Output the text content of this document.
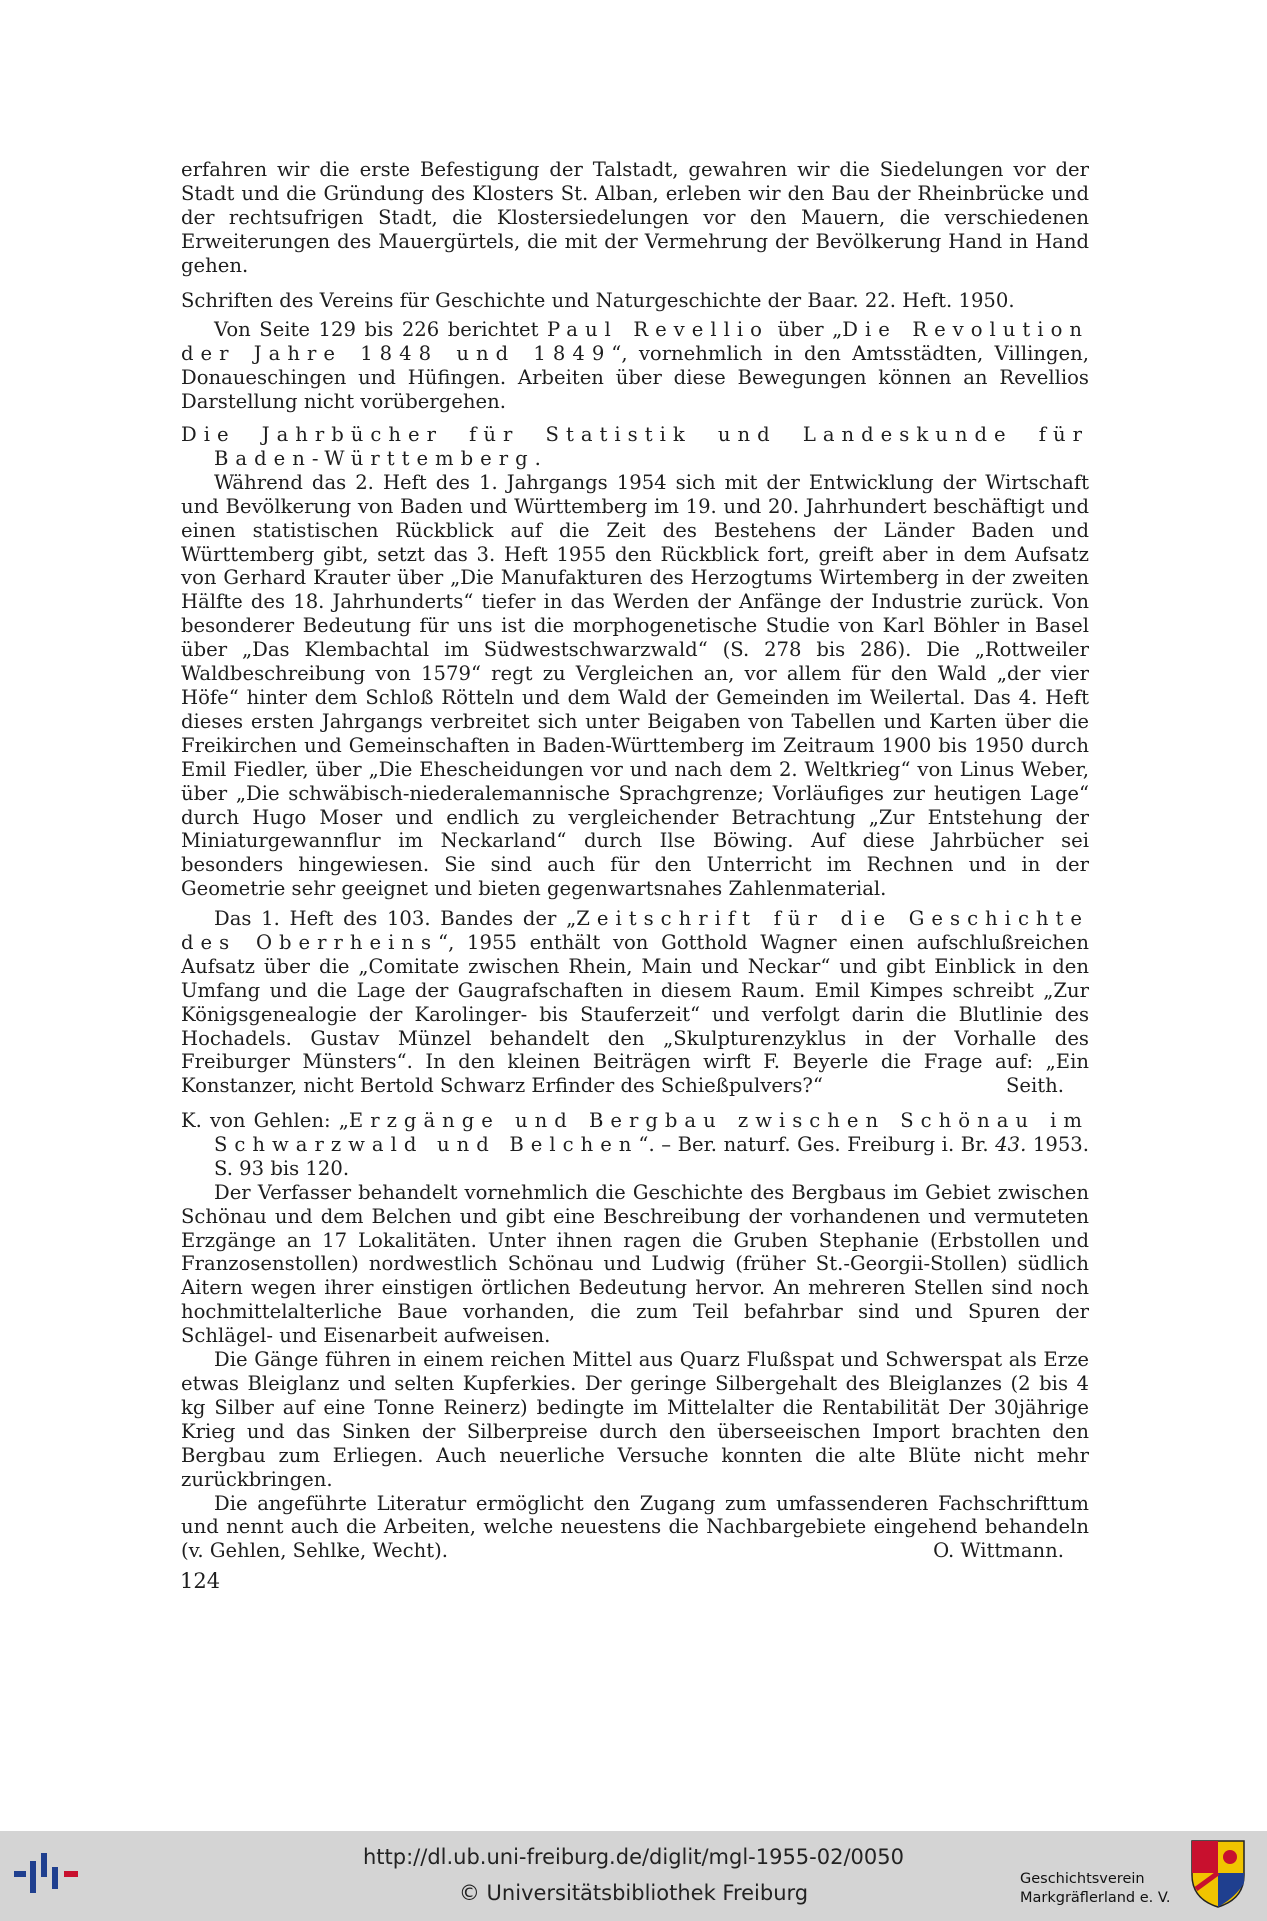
erfahren wir die erste Befestigung der Talstadt, gewahren wir die Siedelungen vor der Stadt und die Gründung des Klosters St. Alban, erleben wir den Bau der Rheinbrücke und der rechtsufrigen Stadt, die Klostersiedelungen vor den Mauern, die verschiedenen Erweiterungen des Mauergürtels, die mit der Vermehrung der Bevölkerung Hand in Hand gehen.

Schriften des Vereins für Geschichte und Naturgeschichte der Baar. 22. Heft. 1950.

Von Seite 129 bis 226 berichtet Paul Revellio über „Die Revolution der Jahre 1848 und 1849“, vornehmlich in den Amtsstädten, Villingen, Donaueschingen und Hüfingen. Arbeiten über diese Bewegungen können an Revellios Darstellung nicht vorübergehen.

Die Jahrbücher für Statistik und Landeskunde für Baden-Württemberg.

Während das 2. Heft des 1. Jahrgangs 1954 sich mit der Entwicklung der Wirtschaft und Bevölkerung von Baden und Württemberg im 19. und 20. Jahrhundert beschäftigt und einen statistischen Rückblick auf die Zeit des Bestehens der Länder Baden und Württemberg gibt, setzt das 3. Heft 1955 den Rückblick fort, greift aber in dem Aufsatz von Gerhard Krauter über „Die Manufakturen des Herzogtums Wirtemberg in der zweiten Hälfte des 18. Jahrhunderts“ tiefer in das Werden der Anfänge der Industrie zurück. Von besonderer Bedeutung für uns ist die morphogenetische Studie von Karl Böhler in Basel über „Das Klembachtal im Südwestschwarzwald“ (S. 278 bis 286). Die „Rottweiler Waldbeschreibung von 1579“ regt zu Vergleichen an, vor allem für den Wald „der vier Höfe“ hinter dem Schloß Rötteln und dem Wald der Gemeinden im Weilertal. Das 4. Heft dieses ersten Jahrgangs verbreitet sich unter Beigaben von Tabellen und Karten über die Freikirchen und Gemeinschaften in Baden-Württemberg im Zeitraum 1900 bis 1950 durch Emil Fiedler, über „Die Ehescheidungen vor und nach dem 2. Weltkrieg“ von Linus Weber, über „Die schwäbisch-niederalemannische Sprachgrenze; Vorläufiges zur heutigen Lage“ durch Hugo Moser und endlich zu vergleichender Betrachtung „Zur Entstehung der Miniaturgewannflur im Neckarland“ durch Ilse Böwing. Auf diese Jahrbücher sei besonders hingewiesen. Sie sind auch für den Unterricht im Rechnen und in der Geometrie sehr geeignet und bieten gegenwartsnahes Zahlenmaterial.

Das 1. Heft des 103. Bandes der „Zeitschrift für die Geschichte des Oberrheins“, 1955 enthält von Gotthold Wagner einen aufschlußreichen Aufsatz über die „Comitate zwischen Rhein, Main und Neckar“ und gibt Einblick in den Umfang und die Lage der Gaugrafschaften in diesem Raum. Emil Kimpes schreibt „Zur Königsgenealogie der Karolinger- bis Stauferzeit“ und verfolgt darin die Blutlinie des Hochadels. Gustav Münzel behandelt den „Skulpturenzyklus in der Vorhalle des Freiburger Münsters“. In den kleinen Beiträgen wirft F. Beyerle die Frage auf: „Ein Konstanzer, nicht Bertold Schwarz Erfinder des Schießpulvers?“	Seith.

K. von Gehlen: „Erzgänge und Bergbau zwischen Schönau im Schwarzwald und Belchen“. – Ber. naturf. Ges. Freiburg i. Br. 43. 1953. S. 93 bis 120.

Der Verfasser behandelt vornehmlich die Geschichte des Bergbaus im Gebiet zwischen Schönau und dem Belchen und gibt eine Beschreibung der vorhandenen und vermuteten Erzgänge an 17 Lokalitäten. Unter ihnen ragen die Gruben Stephanie (Erbstollen und Franzosenstollen) nordwestlich Schönau und Ludwig (früher St.-Georgii-Stollen) südlich Aitern wegen ihrer einstigen örtlichen Bedeutung hervor. An mehreren Stellen sind noch hochmittelalterliche Baue vorhanden, die zum Teil befahrbar sind und Spuren der Schlägel- und Eisenarbeit aufweisen.

Die Gänge führen in einem reichen Mittel aus Quarz Flußspat und Schwerspat als Erze etwas Bleiglanz und selten Kupferkies. Der geringe Silbergehalt des Bleiglanzes (2 bis 4 kg Silber auf eine Tonne Reinerz) bedingte im Mittelalter die Rentabilität Der 30jährige Krieg und das Sinken der Silberpreise durch den überseeischen Import brachten den Bergbau zum Erliegen. Auch neuerliche Versuche konnten die alte Blüte nicht mehr zurückbringen.

Die angeführte Literatur ermöglicht den Zugang zum umfassenderen Fachschrifttum und nennt auch die Arbeiten, welche neuestens die Nachbargebiete eingehend behandeln (v. Gehlen, Sehlke, Wecht).	O. Wittmann.

124
http://dl.ub.uni-freiburg.de/diglit/mgl-1955-02/0050
© Universitätsbibliothek Freiburg
Geschichtsverein
Markgräflerland e. V.
